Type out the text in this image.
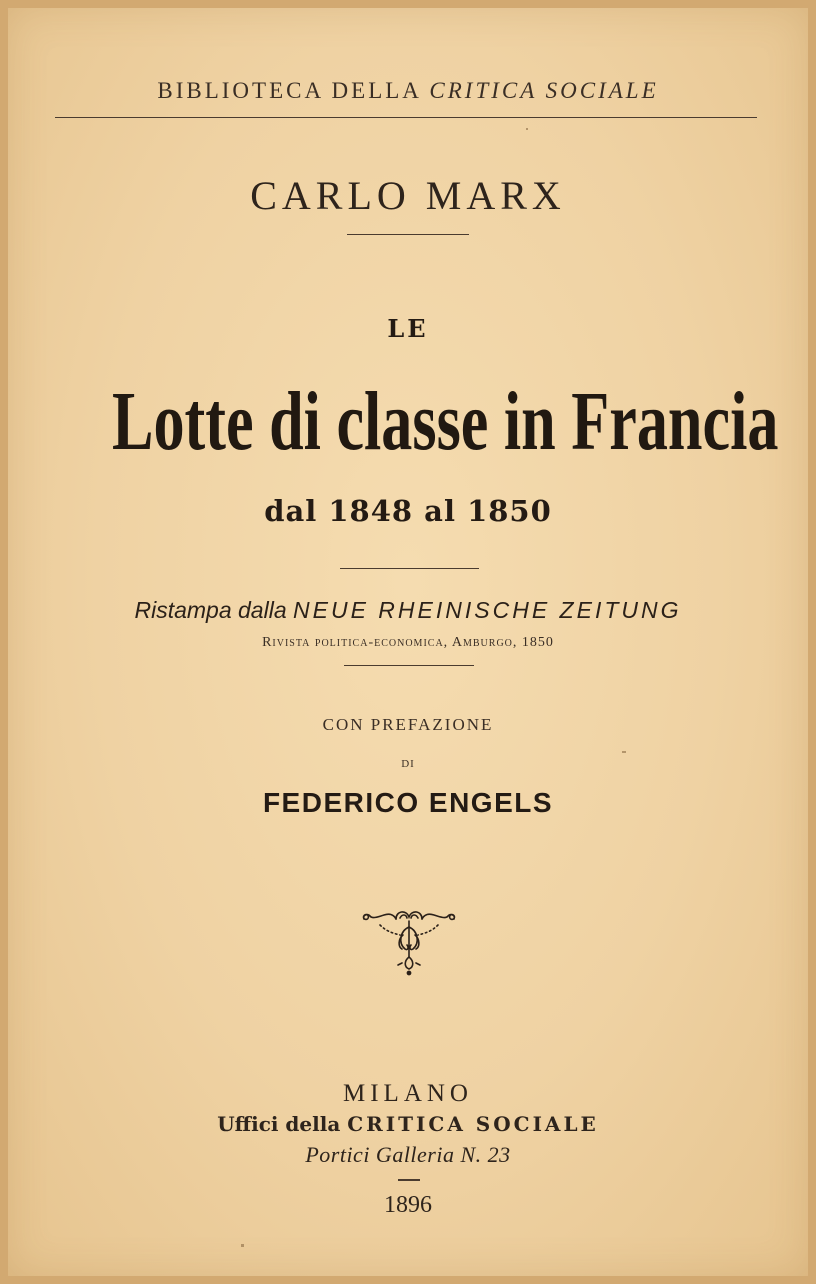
BIBLIOTECA DELLA CRITICA SOCIALE
CARLO MARX
LE
Lotte di classe in Francia
dal 1848 al 1850
Ristampa dalla NEUE RHEINISCHE ZEITUNG
Rivista politica-economica, Amburgo, 1850
CON PREFAZIONE
DI
FEDERICO ENGELS
MILANO
Uffici della CRITICA SOCIALE
Portici Galleria N. 23
1896
